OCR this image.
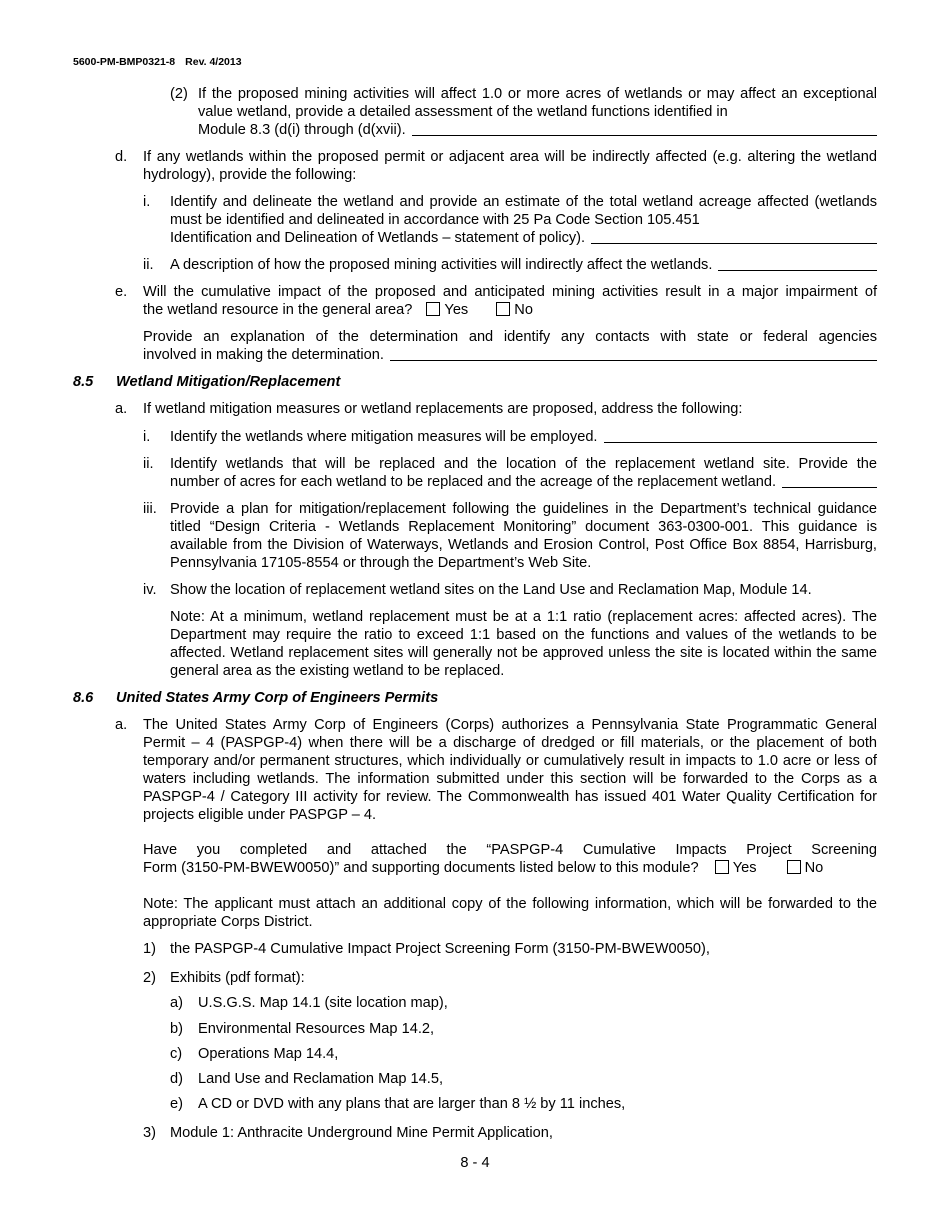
5600-PM-BMP0321-8 Rev. 4/2013
(2) If the proposed mining activities will affect 1.0 or more acres of wetlands or may affect an exceptional value wetland, provide a detailed assessment of the wetland functions identified in
Module 8.3 (d(i) through (d(xvii).
d. If any wetlands within the proposed permit or adjacent area will be indirectly affected (e.g. altering the wetland hydrology), provide the following:
i. Identify and delineate the wetland and provide an estimate of the total wetland acreage affected (wetlands must be identified and delineated in accordance with 25 Pa Code Section 105.451
Identification and Delineation of Wetlands – statement of policy).
ii. A description of how the proposed mining activities will indirectly affect the wetlands.
e. Will the cumulative impact of the proposed and anticipated mining activities result in a major impairment of
the wetland resource in the general area? Yes	No
Provide an explanation of the determination and identify any contacts with state or federal agencies
involved in making the determination.
8.5 Wetland Mitigation/Replacement
a. If wetland mitigation measures or wetland replacements are proposed, address the following:
i. Identify the wetlands where mitigation measures will be employed.
ii. Identify wetlands that will be replaced and the location of the replacement wetland site. Provide the
number of acres for each wetland to be replaced and the acreage of the replacement wetland.
iii. Provide a plan for mitigation/replacement following the guidelines in the Department’s technical guidance titled “Design Criteria - Wetlands Replacement Monitoring” document 363-0300-001. This guidance is available from the Division of Waterways, Wetlands and Erosion Control, Post Office Box 8854, Harrisburg, Pennsylvania 17105-8554 or through the Department’s Web Site.
iv. Show the location of replacement wetland sites on the Land Use and Reclamation Map, Module 14.
Note: At a minimum, wetland replacement must be at a 1:1 ratio (replacement acres: affected acres). The Department may require the ratio to exceed 1:1 based on the functions and values of the wetlands to be affected. Wetland replacement sites will generally not be approved unless the site is located within the same general area as the existing wetland to be replaced.
8.6 United States Army Corp of Engineers Permits
a. The United States Army Corp of Engineers (Corps) authorizes a Pennsylvania State Programmatic General Permit – 4 (PASPGP-4) when there will be a discharge of dredged or fill materials, or the placement of both temporary and/or permanent structures, which individually or cumulatively result in impacts to 1.0 acre or less of waters including wetlands. The information submitted under this section will be forwarded to the Corps as a PASPGP-4 / Category III activity for review. The Commonwealth has issued 401 Water Quality Certification for projects eligible under PASPGP – 4.
Have you completed and attached the “PASPGP-4 Cumulative Impacts Project Screening
Form (3150-PM-BWEW0050)” and supporting documents listed below to this module? Yes	No
Note: The applicant must attach an additional copy of the following information, which will be forwarded to the appropriate Corps District.
1) the PASPGP-4 Cumulative Impact Project Screening Form (3150-PM-BWEW0050),
2) Exhibits (pdf format):
a) U.S.G.S. Map 14.1 (site location map),
b) Environmental Resources Map 14.2,
c) Operations Map 14.4,
d) Land Use and Reclamation Map 14.5,
e) A CD or DVD with any plans that are larger than 8 ½ by 11 inches,
3) Module 1: Anthracite Underground Mine Permit Application,
8 - 4
